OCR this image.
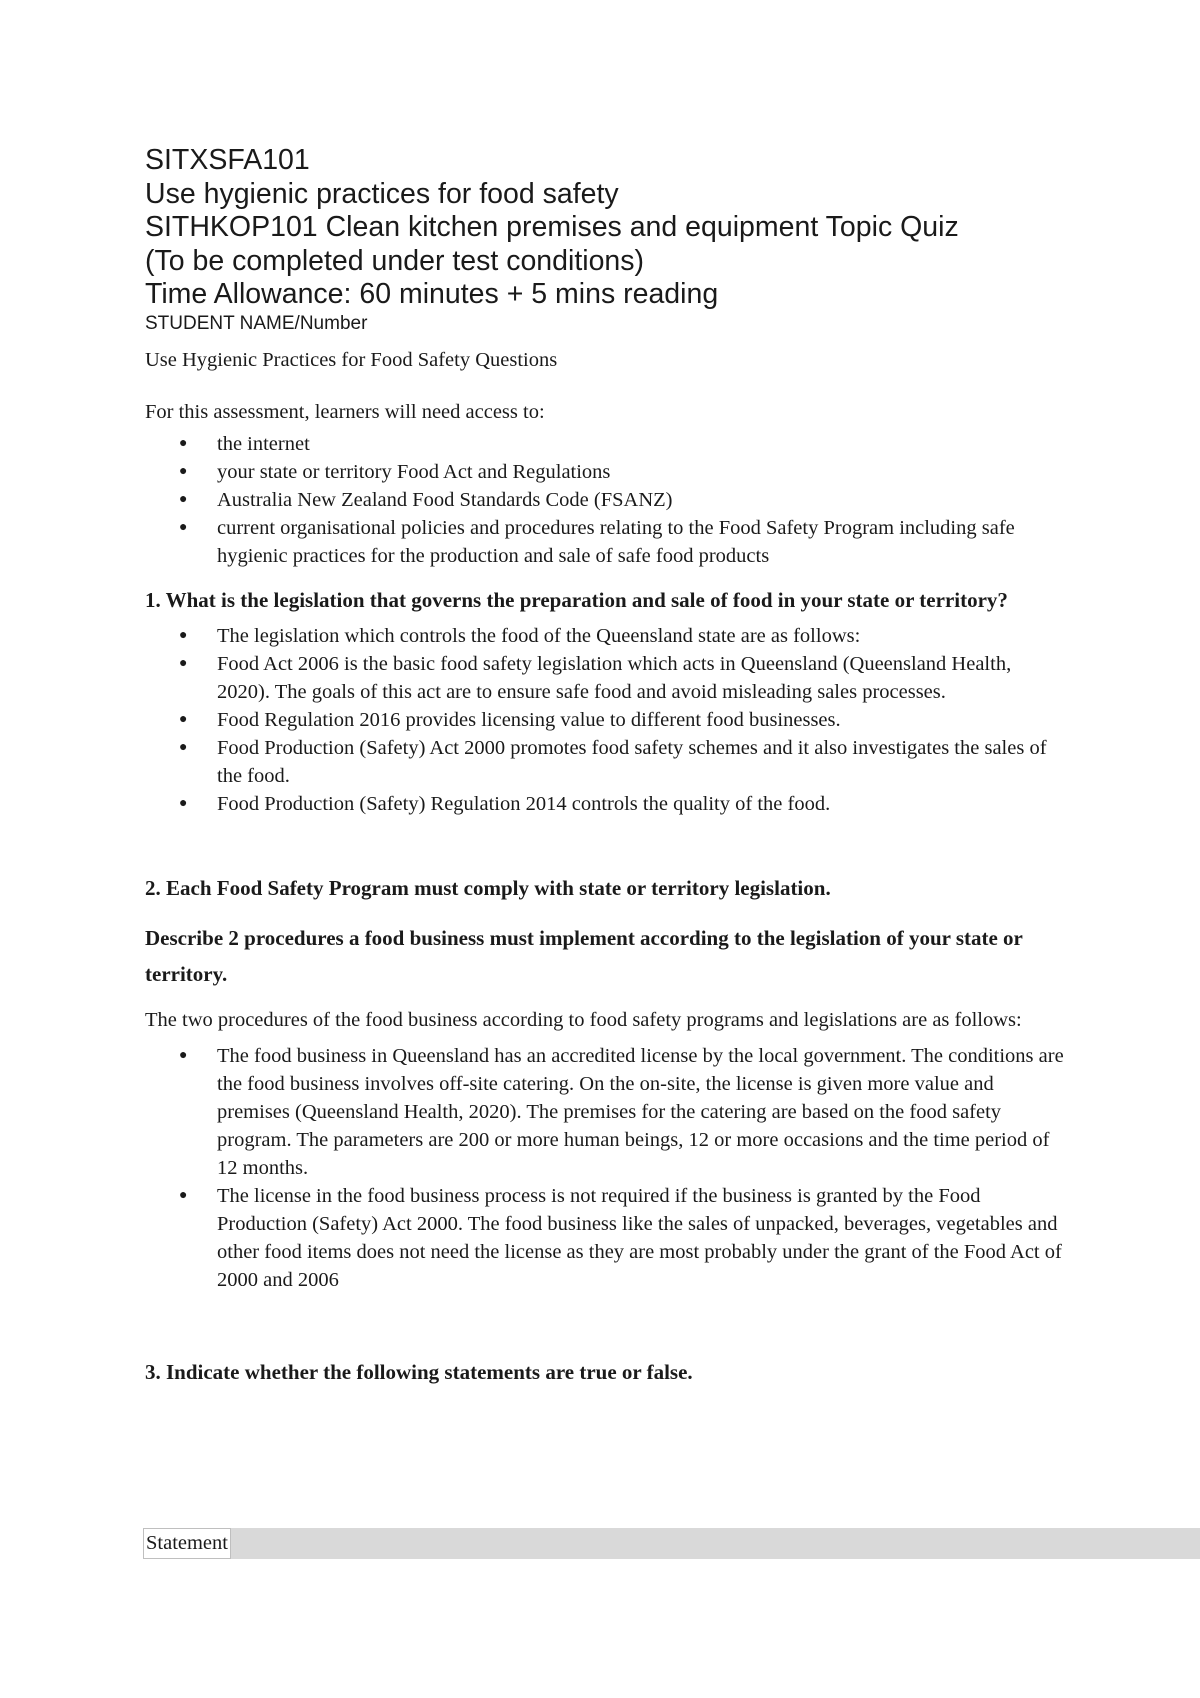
SITXSFA101

Use hygienic practices for food safety

SITHKOP101 Clean kitchen premises and equipment Topic Quiz

(To be completed under test conditions)

Time Allowance: 60 minutes + 5 mins reading

STUDENT NAME/Number

Use Hygienic Practices for Food Safety Questions

For this assessment, learners will need access to:

● the internet
● your state or territory Food Act and Regulations
● Australia New Zealand Food Standards Code (FSANZ)
● current organisational policies and procedures relating to the Food Safety Program including safe hygienic practices for the production and sale of safe food products

1. What is the legislation that governs the preparation and sale of food in your state or territory?

● The legislation which controls the food of the Queensland state are as follows:
● Food Act 2006 is the basic food safety legislation which acts in Queensland (Queensland Health, 2020). The goals of this act are to ensure safe food and avoid misleading sales processes.
● Food Regulation 2016 provides licensing value to different food businesses.
● Food Production (Safety) Act 2000 promotes food safety schemes and it also investigates the sales of the food.
● Food Production (Safety) Regulation 2014 controls the quality of the food.

2. Each Food Safety Program must comply with state or territory legislation.

Describe 2 procedures a food business must implement according to the legislation of your state or territory.

The two procedures of the food business according to food safety programs and legislations are as follows:

● The food business in Queensland has an accredited license by the local government. The conditions are the food business involves off-site catering. On the on-site, the license is given more value and premises (Queensland Health, 2020). The premises for the catering are based on the food safety program. The parameters are 200 or more human beings, 12 or more occasions and the time period of 12 months.
● The license in the food business process is not required if the business is granted by the Food Production (Safety) Act 2000. The food business like the sales of unpacked, beverages, vegetables and other food items does not need the license as they are most probably under the grant of the Food Act of 2000 and 2006

3. Indicate whether the following statements are true or false.

Statement
